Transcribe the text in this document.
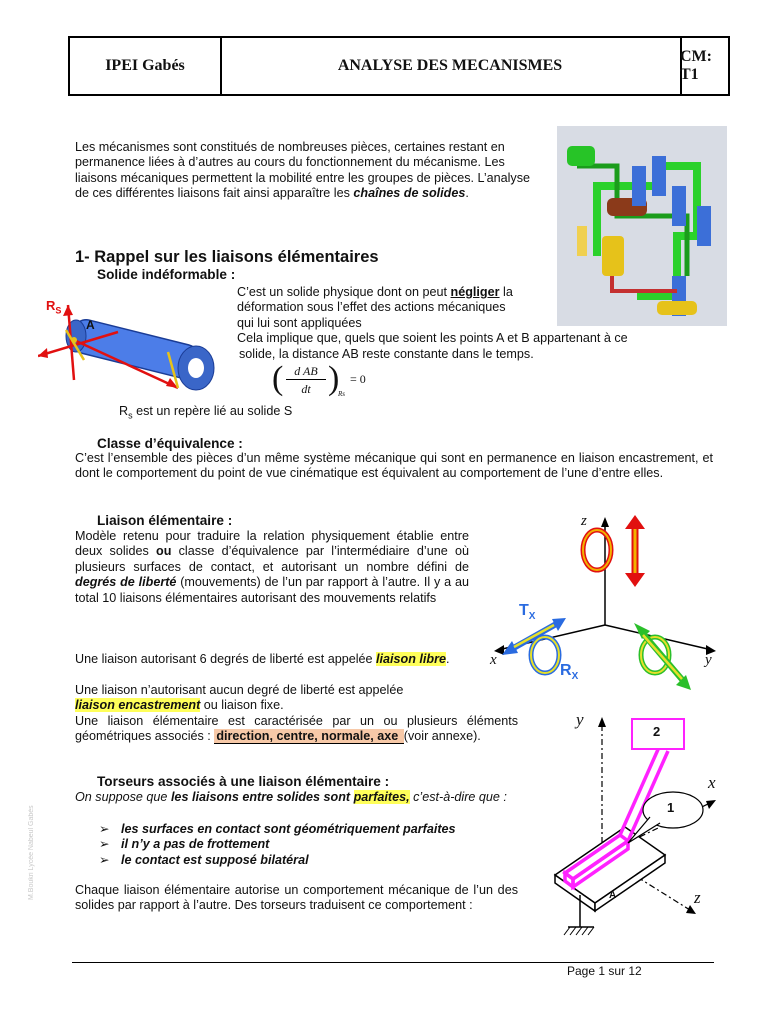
IPEI Gabés	ANALYSE DES MECANISMES
CM: T1
Les mécanismes sont constitués de nombreuses pièces, certaines restant en permanence liées à d’autres au cours du fonctionnement du mécanisme. Les liaisons mécaniques permettent la mobilité entre les groupes de pièces. L’analyse de ces différentes liaisons fait ainsi apparaître les chaînes de solides.
1- Rappel sur les liaisons élémentaires
Solide indéformable :
C’est un solide physique dont on peut négliger la
déformation sous l’effet des actions mécaniques
qui lui sont appliquées
Cela implique que, quels que soient les points A et B appartenant à ce
solide, la distance AB reste constante dans le temps.
$R_S$
A
( d AB
dt )
Rs
= 0
$R_s$ est un repère lié au solide S
Classe d’équivalence :
C’est l’ensemble des pièces d’un même système mécanique qui sont en permanence en liaison encastrement, et dont le comportement du point de vue cinématique est équivalent au comportement de l’une d’entre elles.
Liaison élémentaire :
Modèle retenu pour traduire la relation physiquement établie entre deux solides ou classe d’équivalence par l’intermédiaire d’une où plusieurs surfaces de contact, et autorisant un nombre défini de degrés de liberté (mouvements) de l’un par rapport à l’autre. Il y a au total 10 liaisons élémentaires autorisant des mouvements relatifs
z
x	y
$T_X$
$R_X$
Une liaison autorisant 6 degrés de liberté est appelée liaison libre.
Une liaison n’autorisant aucun degré de liberté est appelée
liaison encastrement ou liaison fixe.
Une liaison élémentaire est caractérisée par un ou plusieurs éléments géométriques associés : direction, centre, normale, axe (voir annexe).
Torseurs associés à une liaison élémentaire :
On suppose que les liaisons entre solides sont parfaites, c’est-à-dire que :
➢ les surfaces en contact sont géométriquement parfaites
➢ il n’y a pas de frottement
➢ le contact est supposé bilatéral
Chaque liaison élémentaire autorise un comportement mécanique de l’un des solides par rapport à l’autre. Des torseurs traduisent ce comportement :
y
x
z
A
1
2
M.Boukri Lycée Nabeul Gabès
Page 1 sur 12
